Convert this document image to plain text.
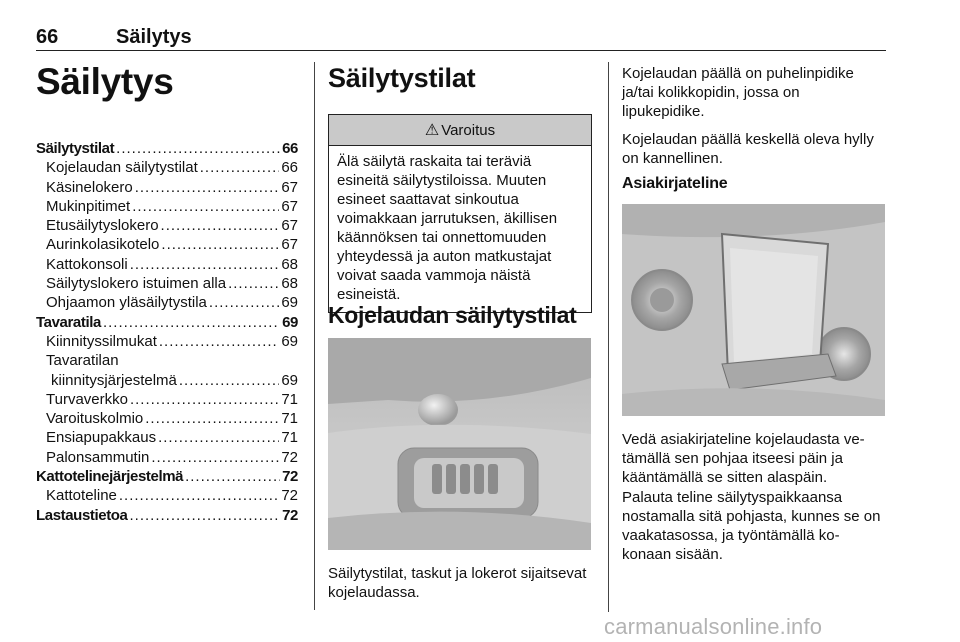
66	Säilytys
Säilytys
Säilytystilat .....	66
Kojelaudan säilytystilat .....	66
Käsinelokero .....	67
Mukinpitimet .....	67
Etusäilytyslokero .....	67
Aurinkolasikotelo .....	67
Kattokonsoli .....	68
Säilytyslokero istuimen alla .....	68
Ohjaamon yläsäilytystila .....	69
Tavaratila .....	69
Kiinnityssilmukat .....	69
Tavaratilan
kiinnitysjärjestelmä .....	69
Turvaverkko .....	71
Varoituskolmio .....	71
Ensiapupakkaus .....	71
Palonsammutin .....	72
Kattotelinejärjestelmä .....	72
Kattoteline .....	72
Lastaustietoa .....	72
Säilytystilat
⚠ Varoitus
Älä säilytä raskaita tai teräviä esineitä säilytystiloissa. Muuten esineet saattavat sinkoutua voimakkaan jarrutuksen, äkillisen käännöksen tai onnettomuuden yhteydessä ja auton matkustajat voivat saada vammoja näistä esineistä.
Kojelaudan säilytystilat
Säilytystilat, taskut ja lokerot sijaitsevat kojelaudassa.

Kojelaudan päällä on puhelinpidike ja/tai kolikkopidin, jossa on lipukepidike.

Kojelaudan päällä keskellä oleva hylly on kannellinen.

Asiakirjateline

Vedä asiakirjateline kojelaudasta ve-tämällä sen pohjaa itseesi päin ja kääntämällä se sitten alaspäin.

Palauta teline säilytyspaikkaansa nostamalla sitä pohjasta, kunnes se on vaakatasossa, ja työntämällä ko-konaan sisään.

carmanualsonline.info
